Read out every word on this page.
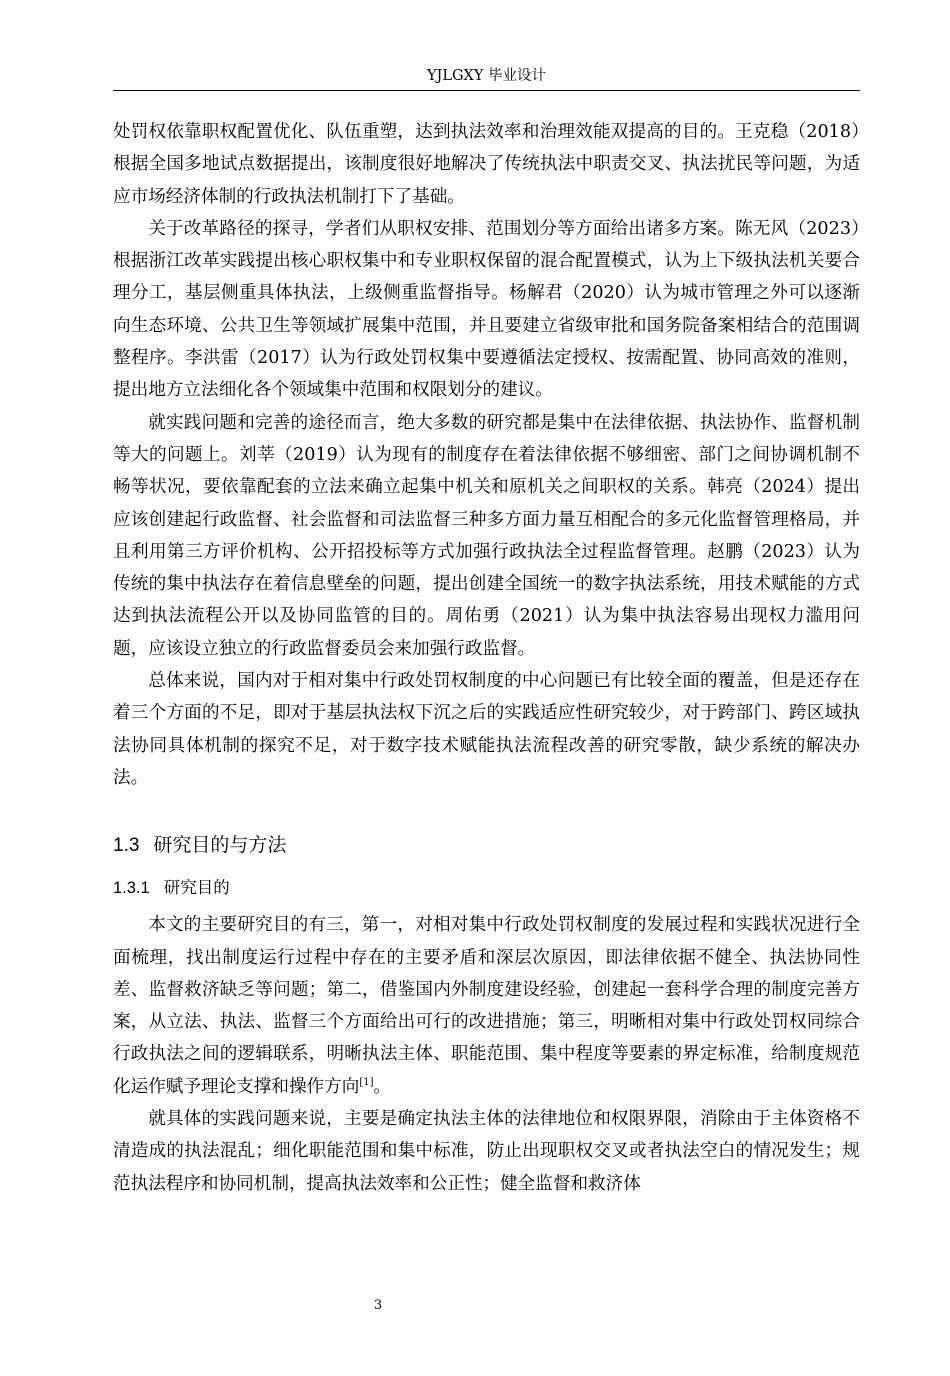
YJLGXY 毕业设计

处罚权依靠职权配置优化、队伍重塑，达到执法效率和治理效能双提高的目的。王克稳（2018）根据全国多地试点数据提出，该制度很好地解决了传统执法中职责交叉、执法扰民等问题，为适应市场经济体制的行政执法机制打下了基础。

关于改革路径的探寻，学者们从职权安排、范围划分等方面给出诸多方案。陈无风（2023）根据浙江改革实践提出核心职权集中和专业职权保留的混合配置模式，认为上下级执法机关要合理分工，基层侧重具体执法，上级侧重监督指导。杨解君（2020）认为城市管理之外可以逐渐向生态环境、公共卫生等领域扩展集中范围，并且要建立省级审批和国务院备案相结合的范围调整程序。李洪雷（2017）认为行政处罚权集中要遵循法定授权、按需配置、协同高效的准则，提出地方立法细化各个领域集中范围和权限划分的建议。

就实践问题和完善的途径而言，绝大多数的研究都是集中在法律依据、执法协作、监督机制等大的问题上。刘莘（2019）认为现有的制度存在着法律依据不够细密、部门之间协调机制不畅等状况，要依靠配套的立法来确立起集中机关和原机关之间职权的关系。韩亮（2024）提出应该创建起行政监督、社会监督和司法监督三种多方面力量互相配合的多元化监督管理格局，并且利用第三方评价机构、公开招投标等方式加强行政执法全过程监督管理。赵鹏（2023）认为传统的集中执法存在着信息壁垒的问题，提出创建全国统一的数字执法系统，用技术赋能的方式达到执法流程公开以及协同监管的目的。周佑勇（2021）认为集中执法容易出现权力滥用问题，应该设立独立的行政监督委员会来加强行政监督。

总体来说，国内对于相对集中行政处罚权制度的中心问题已有比较全面的覆盖，但是还存在着三个方面的不足，即对于基层执法权下沉之后的实践适应性研究较少，对于跨部门、跨区域执法协同具体机制的探究不足，对于数字技术赋能执法流程改善的研究零散，缺少系统的解决办法。

1.3 研究目的与方法
1.3.1 研究目的

本文的主要研究目的有三，第一，对相对集中行政处罚权制度的发展过程和实践状况进行全面梳理，找出制度运行过程中存在的主要矛盾和深层次原因，即法律依据不健全、执法协同性差、监督救济缺乏等问题；第二，借鉴国内外制度建设经验，创建起一套科学合理的制度完善方案，从立法、执法、监督三个方面给出可行的改进措施；第三，明晰相对集中行政处罚权同综合行政执法之间的逻辑联系，明晰执法主体、职能范围、集中程度等要素的界定标准，给制度规范化运作赋予理论支撑和操作方向[1]。

就具体的实践问题来说，主要是确定执法主体的法律地位和权限界限，消除由于主体资格不清造成的执法混乱；细化职能范围和集中标准，防止出现职权交叉或者执法空白的情况发生；规范执法程序和协同机制，提高执法效率和公正性；健全监督和救济体

3
